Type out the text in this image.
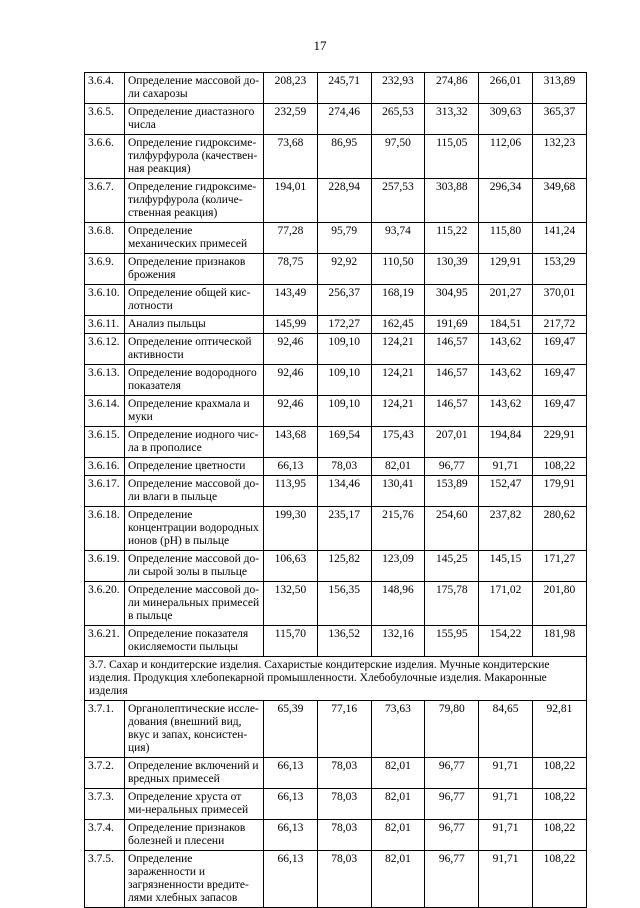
17
3.6.4.	Определение массовой до-ли сахарозы	208,23	245,71	232,93	274,86	266,01	313,89
3.6.5.	Определение диастазного числа	232,59	274,46	265,53	313,32	309,63	365,37
3.6.6.	Определение гидроксиме-тилфурфурола (качествен-ная реакция)	73,68	86,95	97,50	115,05	112,06	132,23
3.6.7.	Определение гидроксиме-тилфурфурола (количе-ственная реакция)	194,01	228,94	257,53	303,88	296,34	349,68
3.6.8.	Определение механических примесей	77,28	95,79	93,74	115,22	115,80	141,24
3.6.9.	Определение признаков брожения	78,75	92,92	110,50	130,39	129,91	153,29
3.6.10.	Определение общей кис-лотности	143,49	256,37	168,19	304,95	201,27	370,01
3.6.11.	Анализ пыльцы	145,99	172,27	162,45	191,69	184,51	217,72
3.6.12.	Определение оптической активности	92,46	109,10	124,21	146,57	143,62	169,47
3.6.13.	Определение водородного показателя	92,46	109,10	124,21	146,57	143,62	169,47
3.6.14.	Определение крахмала и муки	92,46	109,10	124,21	146,57	143,62	169,47
3.6.15.	Определение иодного чис-ла в прополисе	143,68	169,54	175,43	207,01	194,84	229,91
3.6.16.	Определение цветности	66,13	78,03	82,01	96,77	91,71	108,22
3.6.17.	Определение массовой до-ли влаги в пыльце	113,95	134,46	130,41	153,89	152,47	179,91
3.6.18.	Определение концентрации водородных ионов (рН) в пыльце	199,30	235,17	215,76	254,60	237,82	280,62
3.6.19.	Определение массовой до-ли сырой золы в пыльце	106,63	125,82	123,09	145,25	145,15	171,27
3.6.20.	Определение массовой до-ли минеральных примесей в пыльце	132,50	156,35	148,96	175,78	171,02	201,80
3.6.21.	Определение показателя окисляемости пыльцы	115,70	136,52	132,16	155,95	154,22	181,98
3.7. Сахар и кондитерские изделия. Сахаристые кондитерские изделия. Мучные кондитерские изделия. Продукция хлебопекарной промышленности. Хлебобулочные изделия. Макаронные изделия							
3.7.1.	Органолептические иссле-дования (внешний вид, вкус и запах, консистен-ция)	65,39	77,16	73,63	79,80	84,65	92,81
3.7.2.	Определение включений и вредных примесей	66,13	78,03	82,01	96,77	91,71	108,22
3.7.3.	Определение хруста от ми-неральных примесей	66,13	78,03	82,01	96,77	91,71	108,22
3.7.4.	Определение признаков болезней и плесени	66,13	78,03	82,01	96,77	91,71	108,22
3.7.5.	Определение зараженности и загрязненности вредите-лями хлебных запасов	66,13	78,03	82,01	96,77	91,71	108,22
